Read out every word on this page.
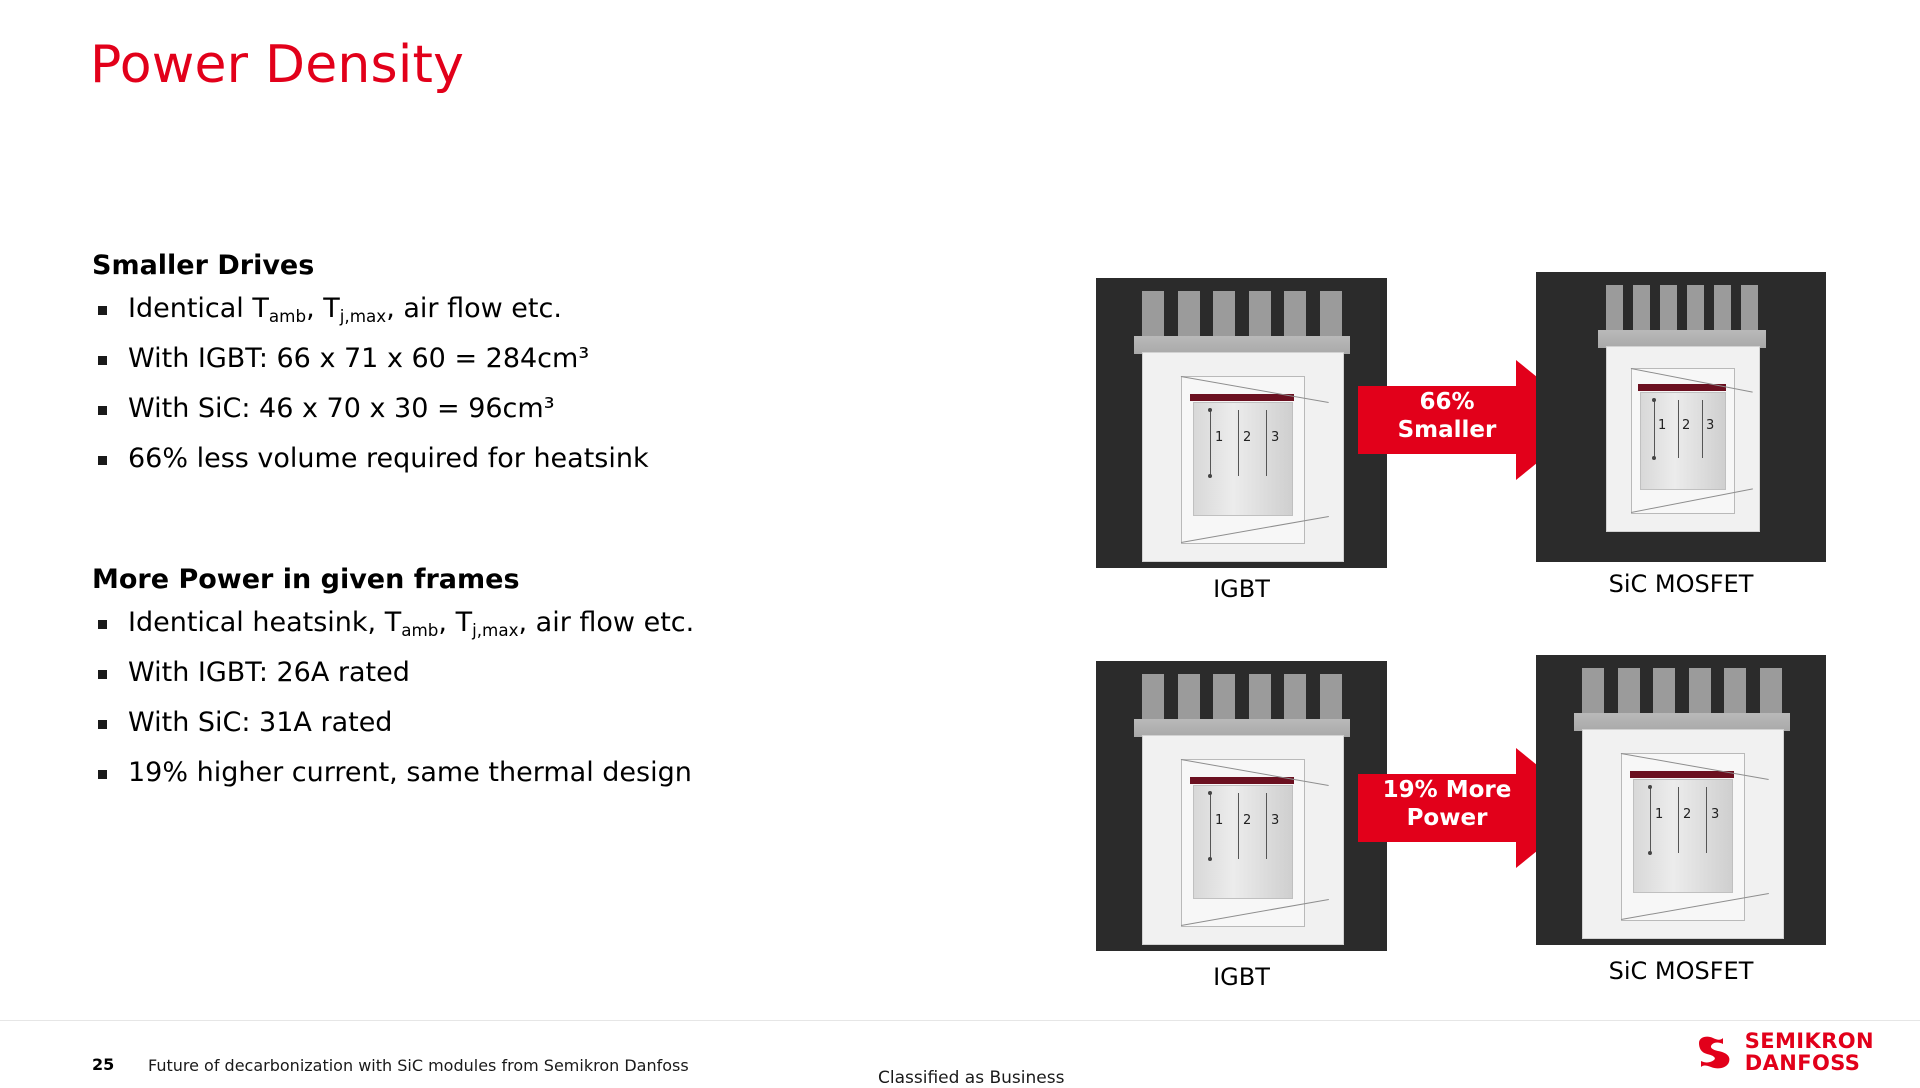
Power Density
Smaller Drives
Identical $T_{amb}$, $T_{j,max}$, air flow etc.
With IGBT: 66 x 71 x 60 = 284cm³
With SiC: 46 x 70 x 30 = 96cm³
66% less volume required for heatsink
More Power in given frames
Identical heatsink, $T_{amb}$, $T_{j,max}$, air flow etc.
With IGBT: 26A rated
With SiC: 31A rated
19% higher current, same thermal design
1 2 3
IGBT
66%
Smaller	1 2 3
SiC MOSFET
1 2 3
IGBT
19% More
Power	1 2 3
SiC MOSFET
25 Future of decarbonization with SiC modules from Semikron Danfoss
Classified as Business
SEMIKRON
DANFOSS
